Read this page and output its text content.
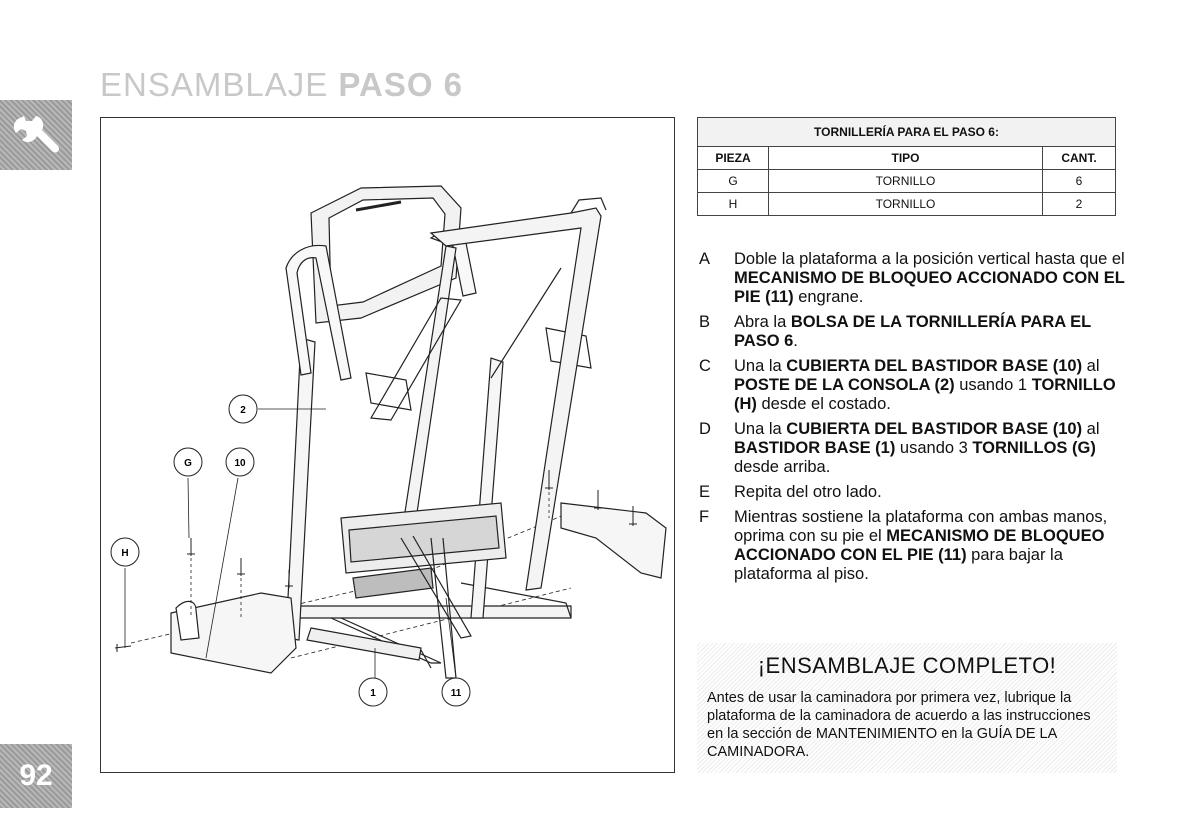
ENSAMBLAJE PASO 6
92
2
G	10
H
1	11
TORNILLERÍA PARA EL PASO 6:		
PIEZA	TIPO	CANT.
G	TORNILLO	6
H	TORNILLO	2
A	Doble la plataforma a la posición vertical hasta que el MECANISMO DE BLOQUEO ACCIONADO CON EL PIE (11) engrane.
B	Abra la BOLSA DE LA TORNILLERÍA PARA EL PASO 6.
C	Una la CUBIERTA DEL BASTIDOR BASE (10) al POSTE DE LA CONSOLA (2) usando 1 TORNILLO (H) desde el costado.
D	Una la CUBIERTA DEL BASTIDOR BASE (10) al BASTIDOR BASE (1) usando 3 TORNILLOS (G) desde arriba.
E	Repita del otro lado.
F	Mientras sostiene la plataforma con ambas manos, oprima con su pie el MECANISMO DE BLOQUEO ACCIONADO CON EL PIE (11) para bajar la plataforma al piso.
¡ENSAMBLAJE COMPLETO!

Antes de usar la caminadora por primera vez, lubrique la plataforma de la caminadora de acuerdo a las instrucciones en la sección de MANTENIMIENTO en la GUÍA DE LA CAMINADORA.
